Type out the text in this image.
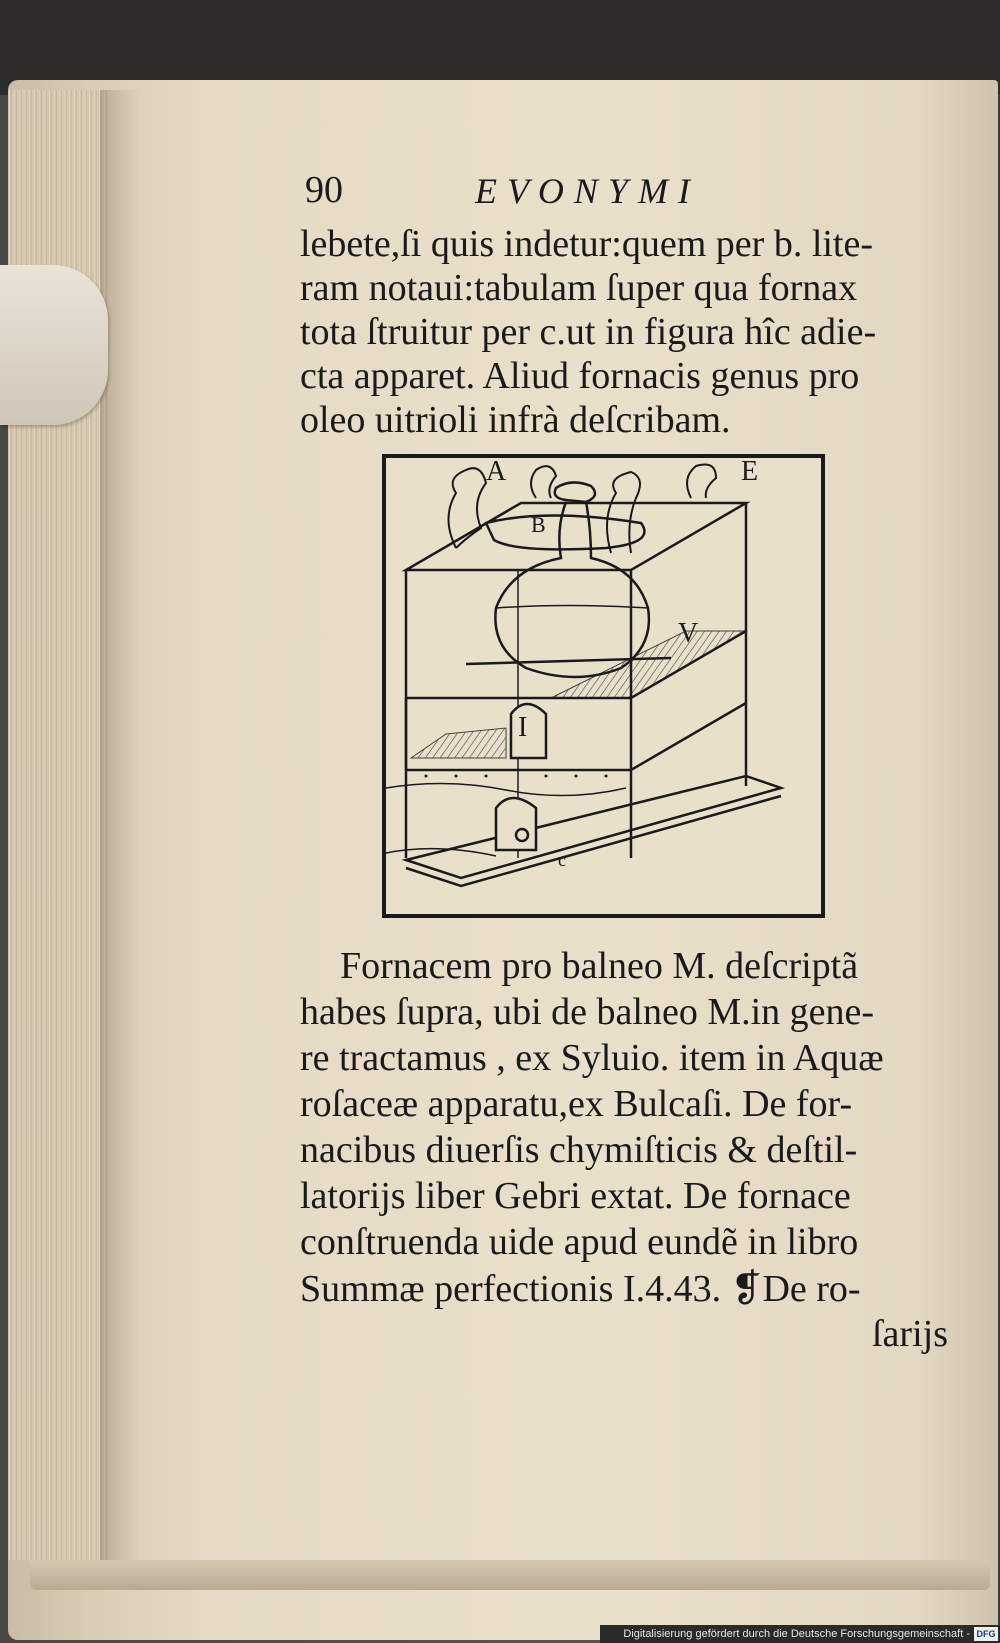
90	EVONYMI
lebete,ſi quis indetur:quem per b. lite-
ram notaui:tabulam ſuper qua fornax
tota ſtruitur per c.ut in figura hîc adie-
cta apparet. Aliud fornacis genus pro
oleo uitrioli infrà deſcribam.
A
B
E
V
I
c
Fornacem pro balneo M. deſcriptã
habes ſupra, ubi de balneo M.in gene-
re tractamus , ex Syluio. item in Aquæ
roſaceæ apparatu,ex Bulcaſi. De for-
nacibus diuerſis chymiſticis & deſtil-
latorijs liber Gebri extat. De fornace
conſtruenda uide apud eundẽ in libro
Summæ perfectionis I.4.43. ❡De ro-
ſarijs
Digitalisierung gefördert durch die Deutsche Forschungsgemeinschaft - DFG
